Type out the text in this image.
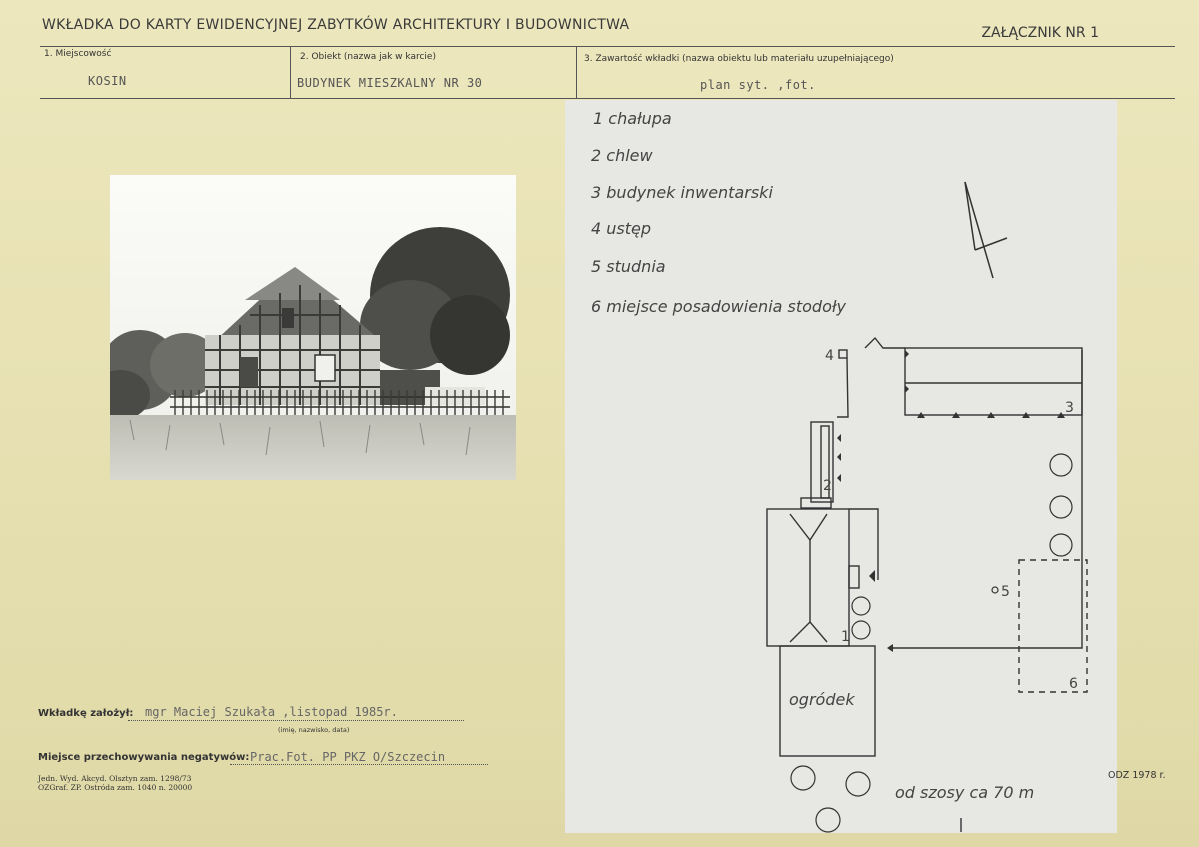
WKŁADKA DO KARTY EWIDENCYJNEJ ZABYTKÓW ARCHITEKTURY I BUDOWNICTWA	ZAŁĄCZNIK NR 1
1. Miejscowość
KOSIN
2. Obiekt (nazwa jak w karcie)
BUDYNEK MIESZKALNY NR 30
3. Zawartość wkładki (nazwa obiektu lub materiału uzupełniającego)
plan syt. ,fot.
1 chałupa
2 chlew
3 budynek inwentarski
4 ustęp
5 studnia
6 miejsce posadowienia stodoły
1
2
3
4
5
6
ogródek
od szosy ca 70 m
Wkładkę założył: mgr Maciej Szukała ,listopad 1985r.
(imię, nazwisko, data)
Miejsce przechowywania negatywów: Prac.Fot. PP PKZ O/Szczecin
Jedn. Wyd. Akcyd. Olsztyn zam. 1298/73
OZGraf. ZP. Ostróda zam. 1040 n. 20000
ODZ 1978 r.
